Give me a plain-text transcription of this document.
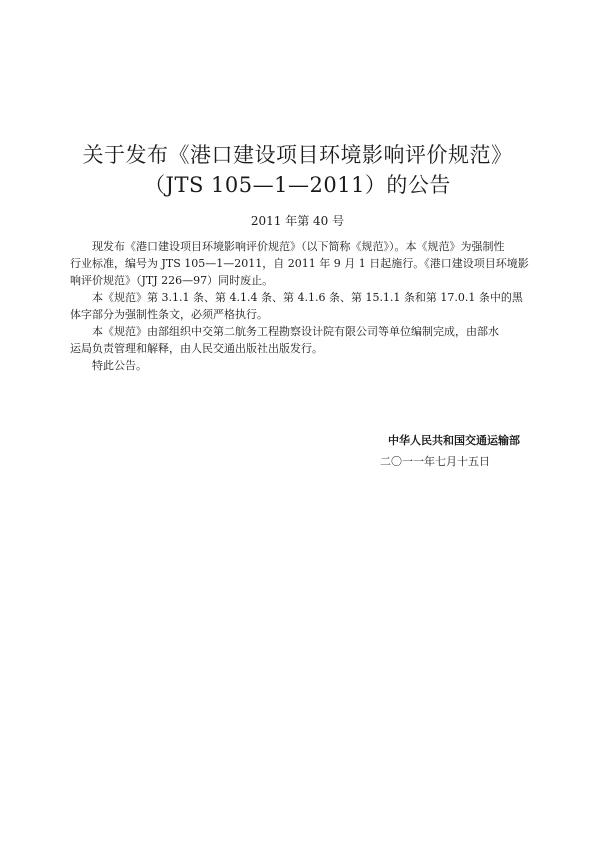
关于发布《港口建设项目环境影响评价规范》
（JTS 105—1—2011）的公告
2011 年第 40 号
现发布《港口建设项目环境影响评价规范》（以下简称《规范》）。本《规范》为强制性
行业标准，编号为 JTS 105—1—2011，自 2011 年 9 月 1 日起施行。《港口建设项目环境影
响评价规范》（JTJ 226—97）同时废止。
本《规范》第 3.1.1 条、第 4.1.4 条、第 4.1.6 条、第 15.1.1 条和第 17.0.1 条中的黑
体字部分为强制性条文，必须严格执行。
本《规范》由部组织中交第二航务工程勘察设计院有限公司等单位编制完成，由部水
运局负责管理和解释，由人民交通出版社出版发行。
特此公告。
中华人民共和国交通运输部
二〇一一年七月十五日
